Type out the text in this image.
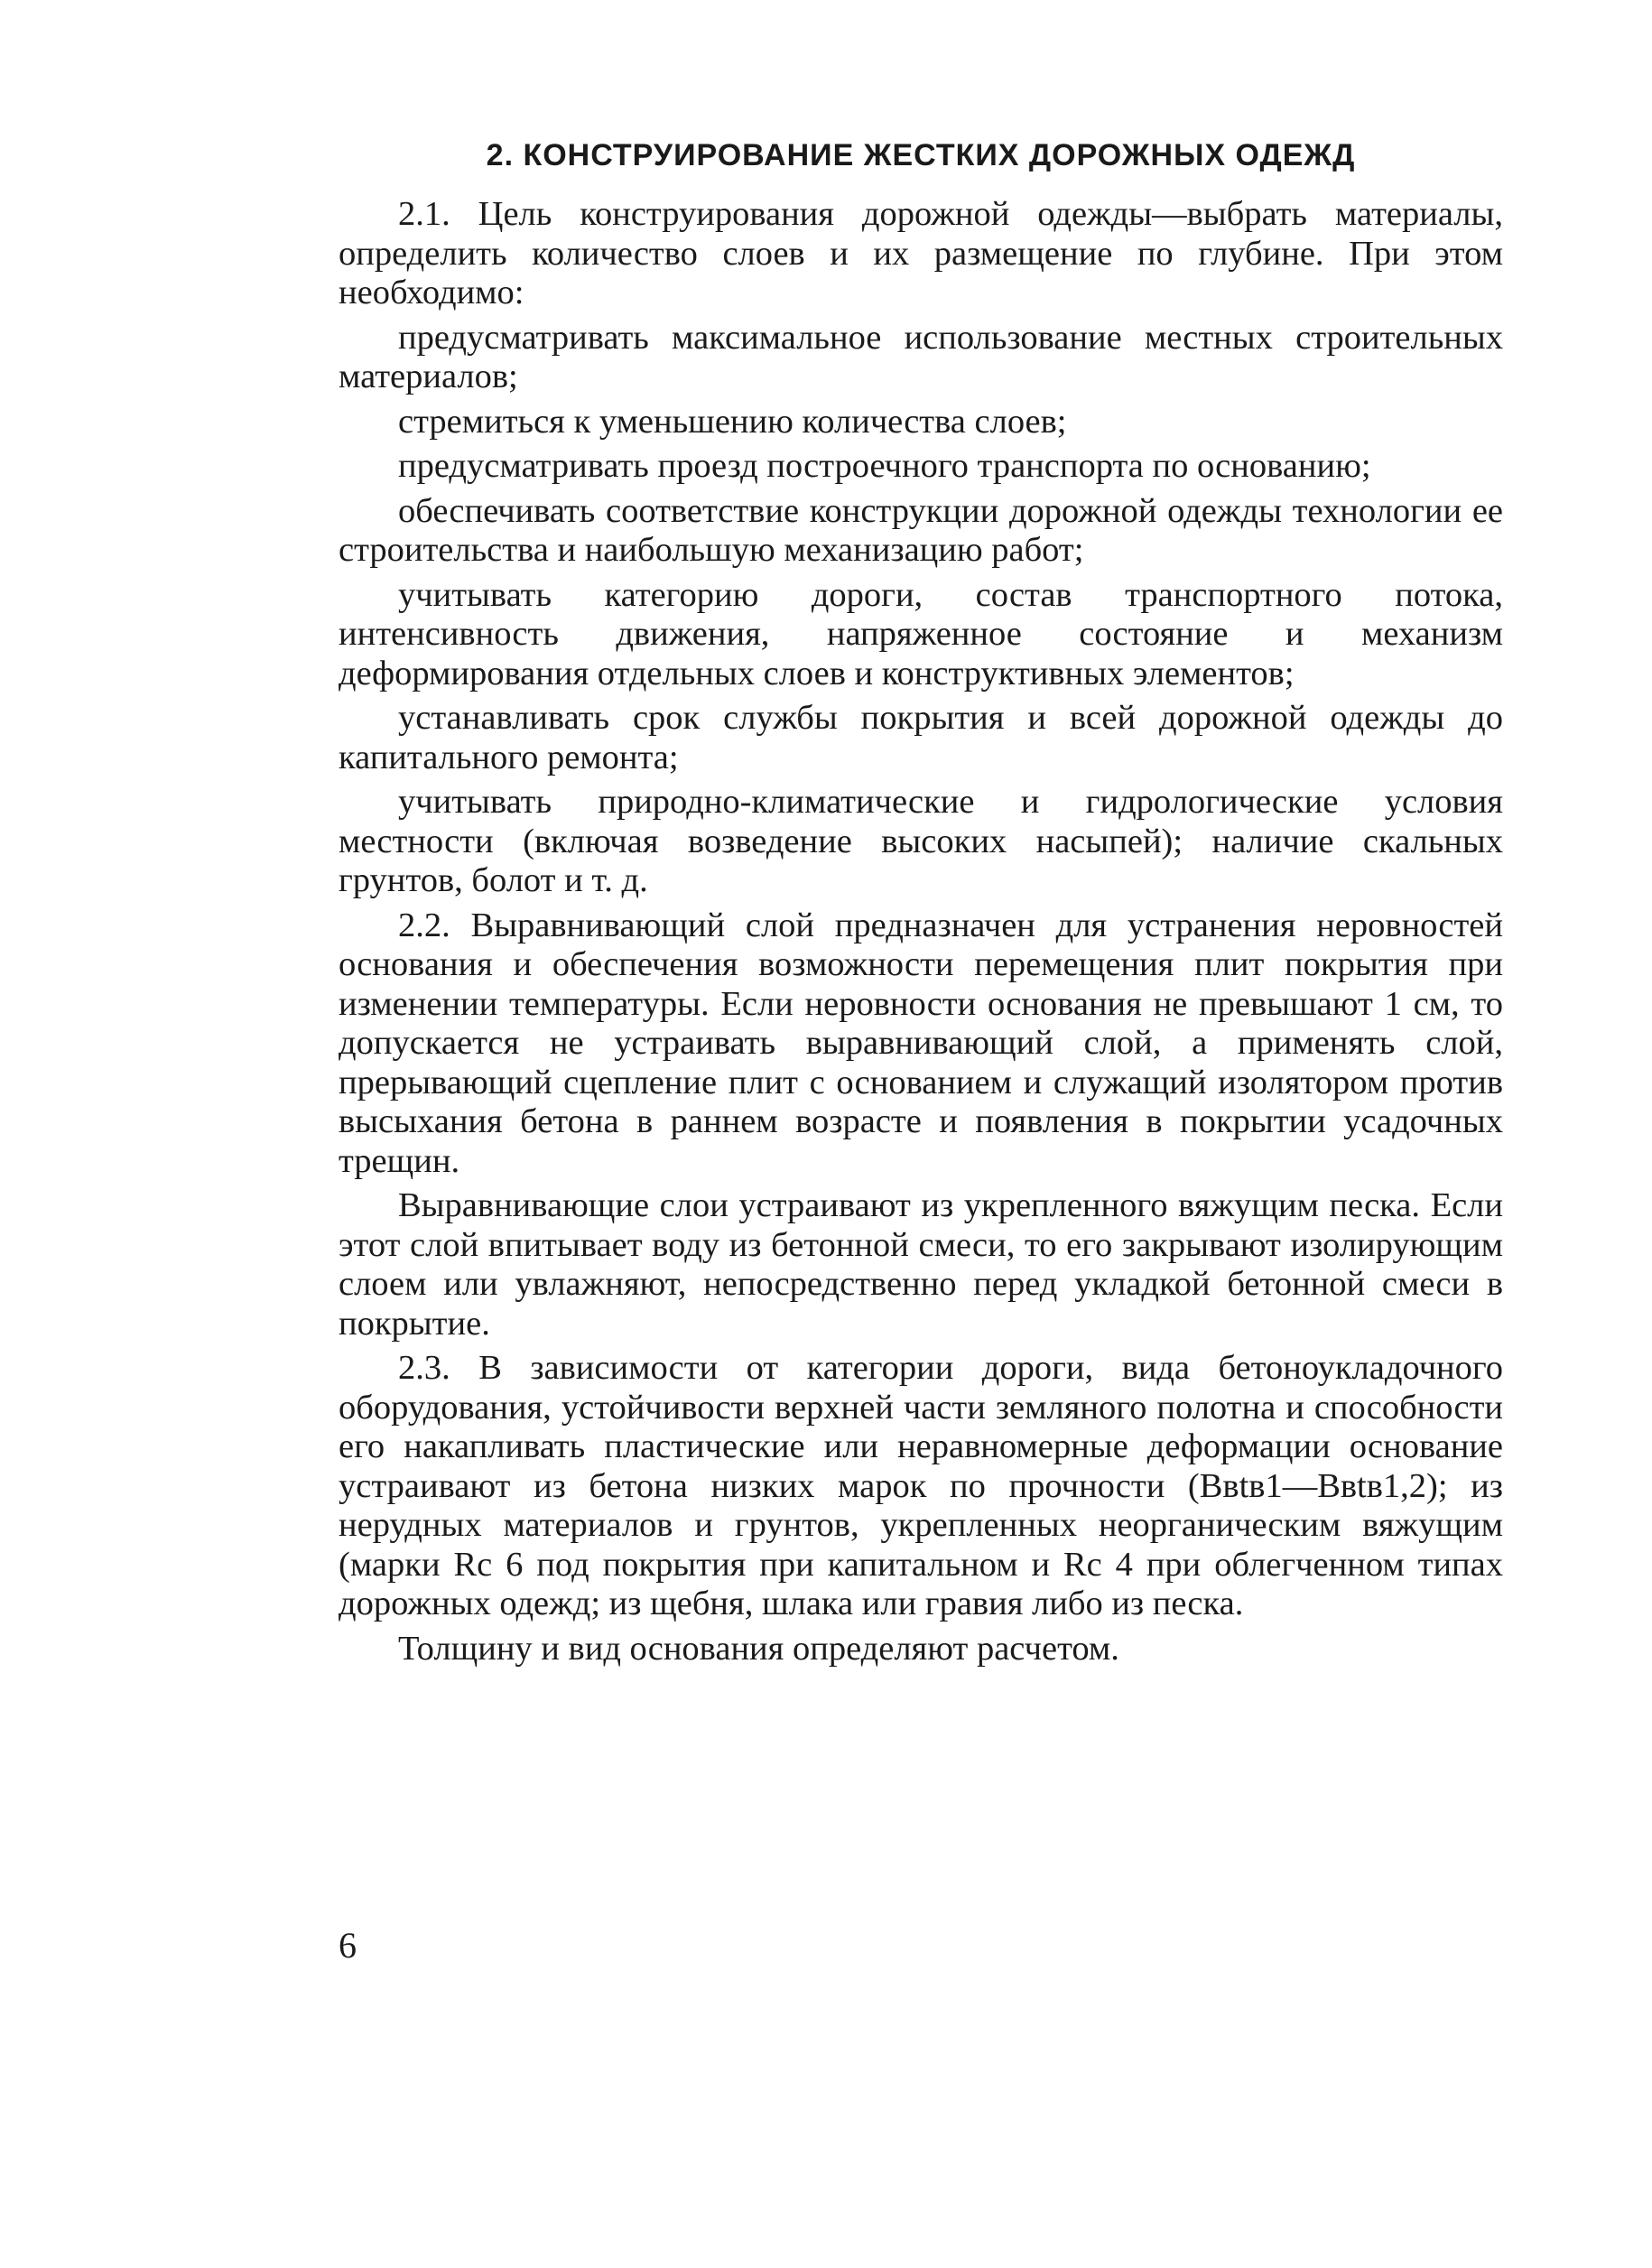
2. КОНСТРУИРОВАНИЕ ЖЕСТКИХ ДОРОЖНЫХ ОДЕЖД

2.1. Цель конструирования дорожной одежды—выбрать материалы, определить количество слоев и их размещение по глубине. При этом необходимо:

предусматривать максимальное использование местных строительных материалов;

стремиться к уменьшению количества слоев;

предусматривать проезд построечного транспорта по основанию;

обеспечивать соответствие конструкции дорожной одежды технологии ее строительства и наибольшую механизацию работ;

учитывать категорию дороги, состав транспортного потока, интенсивность движения, напряженное состояние и механизм деформирования отдельных слоев и конструктивных элементов;

устанавливать срок службы покрытия и всей дорожной одежды до капитального ремонта;

учитывать природно-климатические и гидрологические условия местности (включая возведение высоких насыпей); наличие скальных грунтов, болот и т. д.

2.2. Выравнивающий слой предназначен для устранения неровностей основания и обеспечения возможности перемещения плит покрытия при изменении температуры. Если неровности основания не превышают 1 см, то допускается не устраивать выравнивающий слой, а применять слой, прерывающий сцепление плит с основанием и служащий изолятором против высыхания бетона в раннем возрасте и появления в покрытии усадочных трещин.

Выравнивающие слои устраивают из укрепленного вяжущим песка. Если этот слой впитывает воду из бетонной смеси, то его закрывают изолирующим слоем или увлажняют, непосредственно перед укладкой бетонной смеси в покрытие.

2.3. В зависимости от категории дороги, вида бетоноукладочного оборудования, устойчивости верхней части земляного полотна и способности его накапливать пластические или неравномерные деформации основание устраивают из бетона низких марок по прочности (Bвtв1—Bвtв1,2); из нерудных материалов и грунтов, укрепленных неорганическим вяжущим (марки Rс 6 под покрытия при капитальном и Rс 4 при облегченном типах дорожных одежд; из щебня, шлака или гравия либо из песка.

Толщину и вид основания определяют расчетом.

6
